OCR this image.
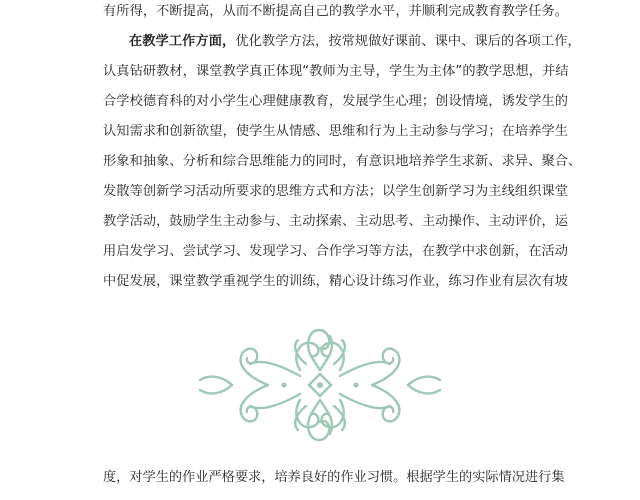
有所得，不断提高，从而不断提高自己的教学水平，并顺利完成教育教学任务。
在教学工作方面，优化教学方法，按常规做好课前、课中、课后的各项工作，
认真钻研教材，课堂教学真正体现“教师为主导，学生为主体”的教学思想，并结
合学校德育科的对小学生心理健康教育，发展学生心理；创设情境，诱发学生的
认知需求和创新欲望，使学生从情感、思维和行为上主动参与学习；在培养学生
形象和抽象、分析和综合思维能力的同时，有意识地培养学生求新、求异、聚合、
发散等创新学习活动所要求的思维方式和方法；以学生创新学习为主线组织课堂
教学活动，鼓励学生主动参与、主动探索、主动思考、主动操作、主动评价，运
用启发学习、尝试学习、发现学习、合作学习等方法，在教学中求创新，在活动
中促发展，课堂教学重视学生的训练，精心设计练习作业，练习作业有层次有坡
度，对学生的作业严格要求，培养良好的作业习惯。根据学生的实际情况进行集
